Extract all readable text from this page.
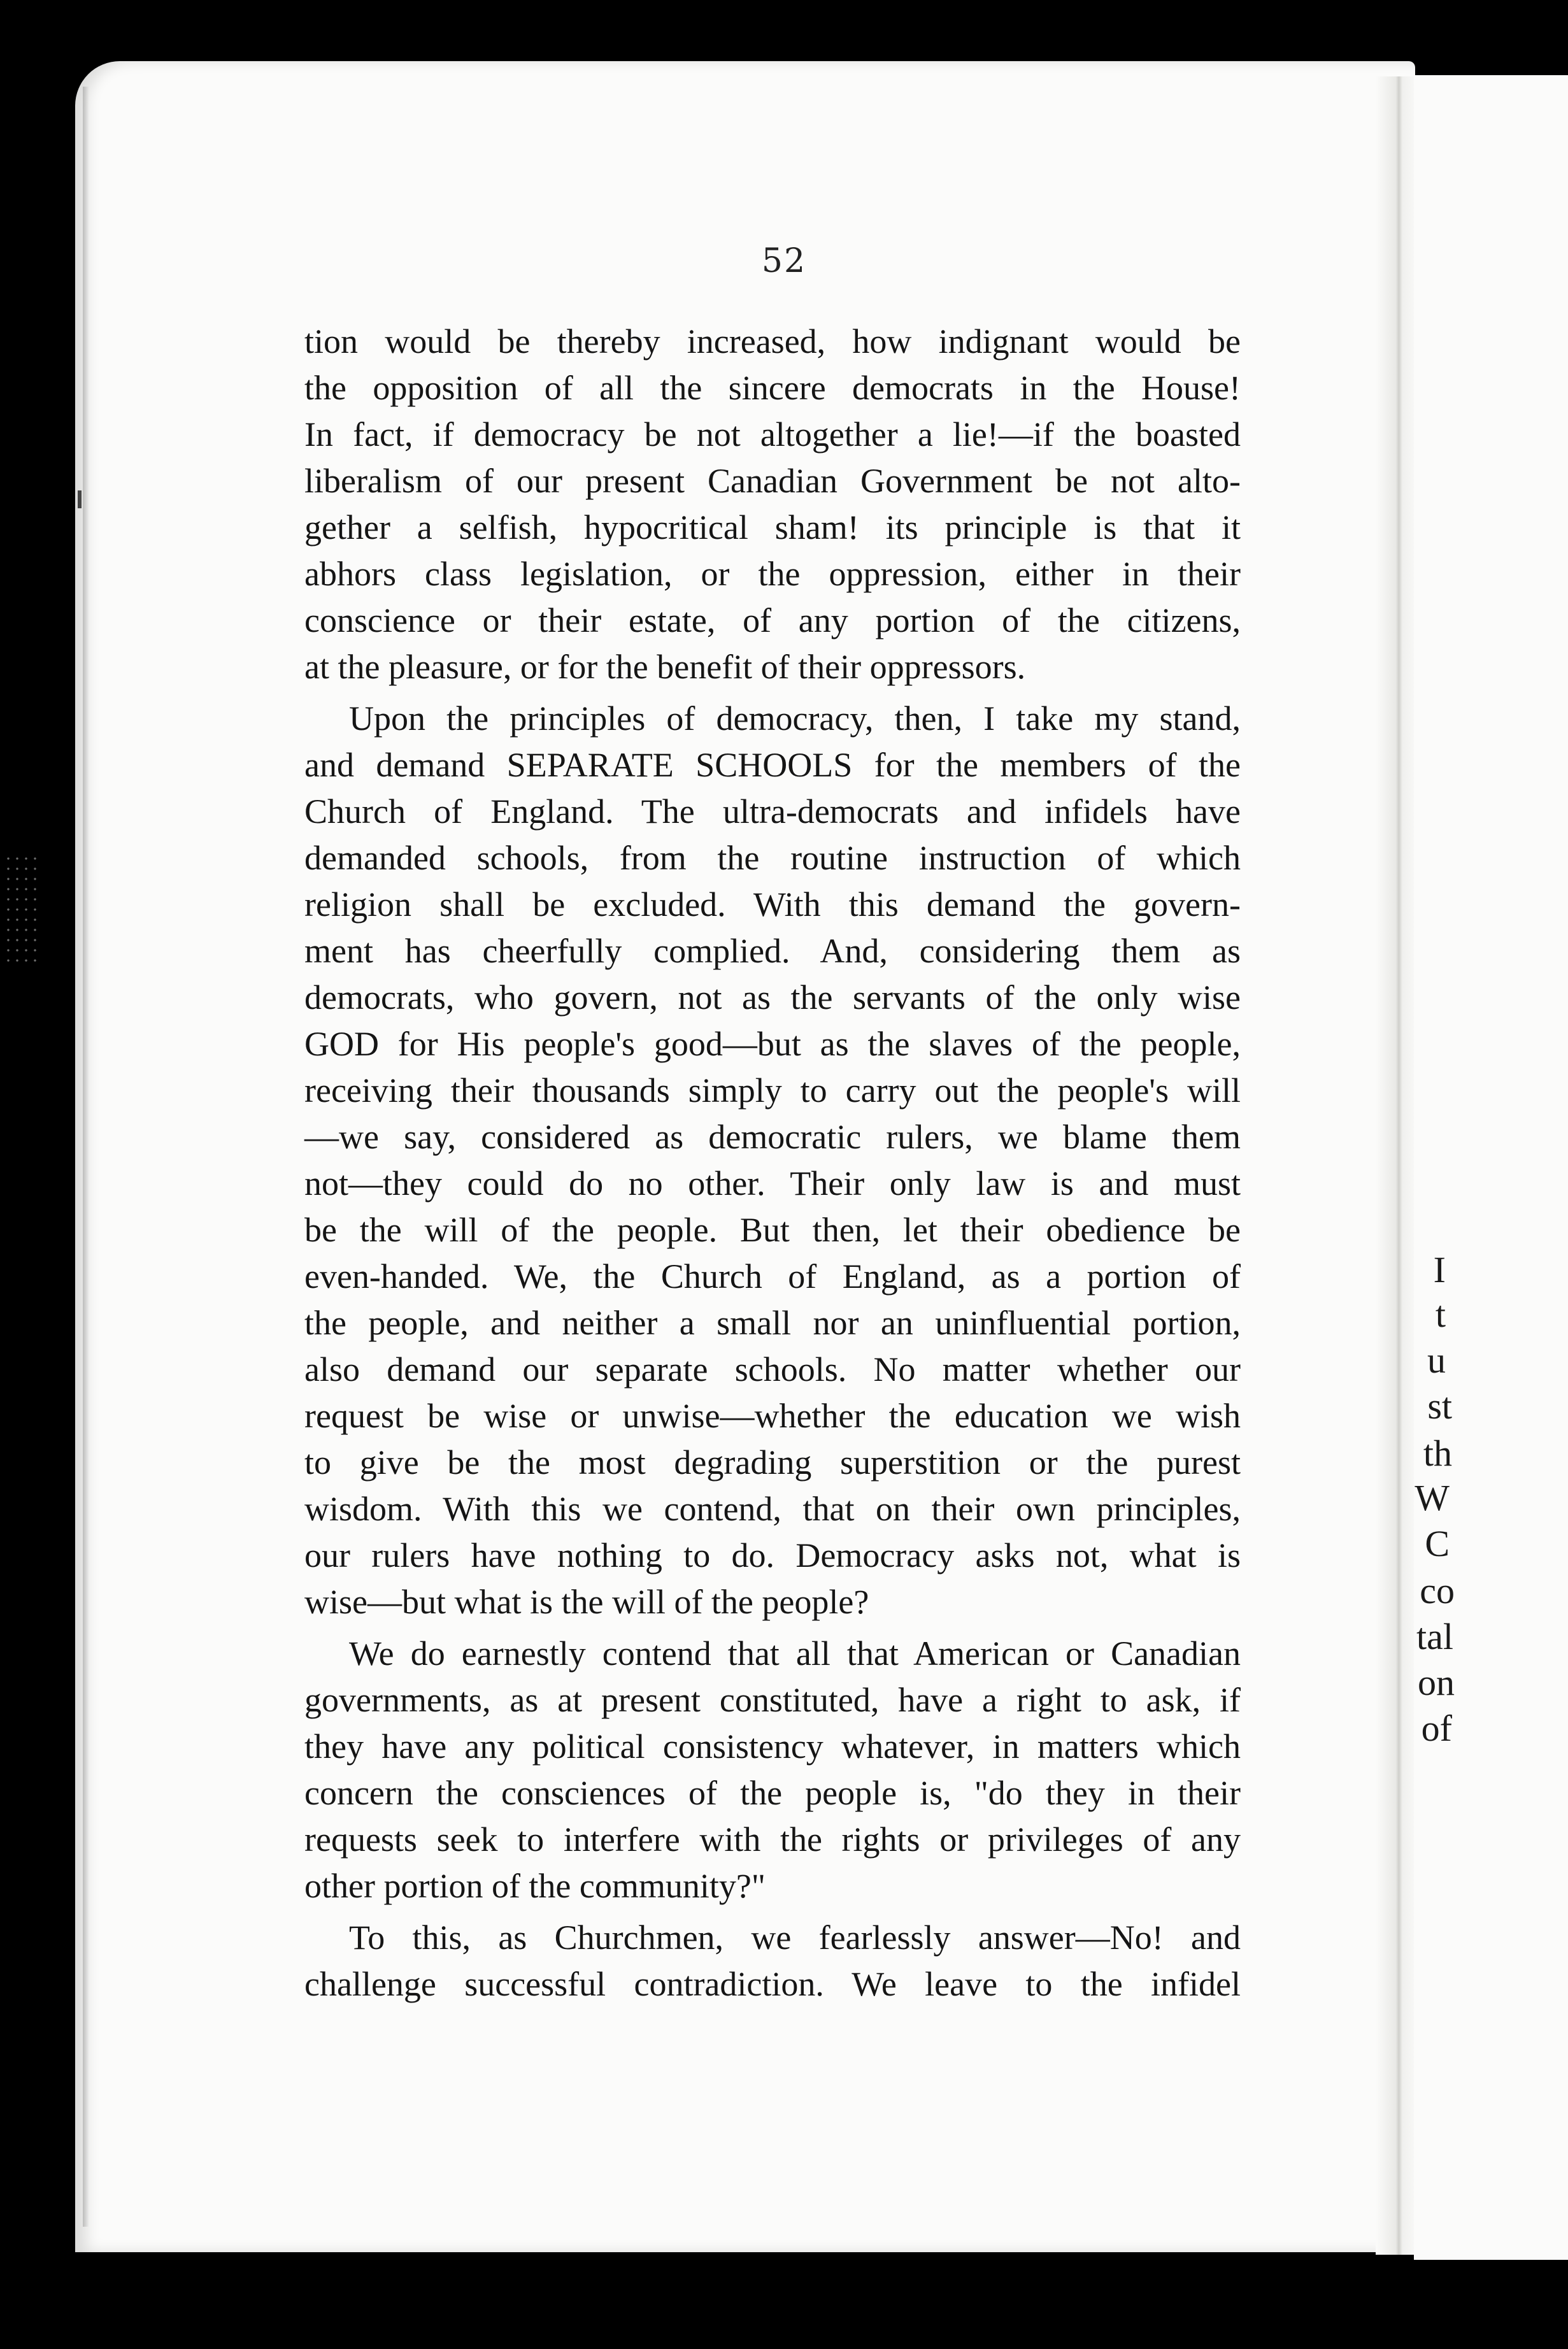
I
t
u
st
th
W
C
co
tal
on
of
52
tion would be thereby increased, how indignant would be
the opposition of all the sincere democrats in the House!
In fact, if democracy be not altogether a lie!—if the boasted
liberalism of our present Canadian Government be not alto-
gether a selfish, hypocritical sham! its principle is that it
abhors class legislation, or the oppression, either in their
conscience or their estate, of any portion of the citizens,
at the pleasure, or for the benefit of their oppressors.
Upon the principles of democracy, then, I take my stand,
and demand SEPARATE SCHOOLS for the members of the
Church of England. The ultra-democrats and infidels have
demanded schools, from the routine instruction of which
religion shall be excluded. With this demand the govern-
ment has cheerfully complied. And, considering them as
democrats, who govern, not as the servants of the only wise
GOD for His people's good—but as the slaves of the people,
receiving their thousands simply to carry out the people's will
—we say, considered as democratic rulers, we blame them
not—they could do no other. Their only law is and must
be the will of the people. But then, let their obedience be
even-handed. We, the Church of England, as a portion of
the people, and neither a small nor an uninfluential portion,
also demand our separate schools. No matter whether our
request be wise or unwise—whether the education we wish
to give be the most degrading superstition or the purest
wisdom. With this we contend, that on their own principles,
our rulers have nothing to do. Democracy asks not, what is
wise—but what is the will of the people?
We do earnestly contend that all that American or Canadian
governments, as at present constituted, have a right to ask, if
they have any political consistency whatever, in matters which
concern the consciences of the people is, "do they in their
requests seek to interfere with the rights or privileges of any
other portion of the community?"
To this, as Churchmen, we fearlessly answer—No! and
challenge successful contradiction. We leave to the infidel
